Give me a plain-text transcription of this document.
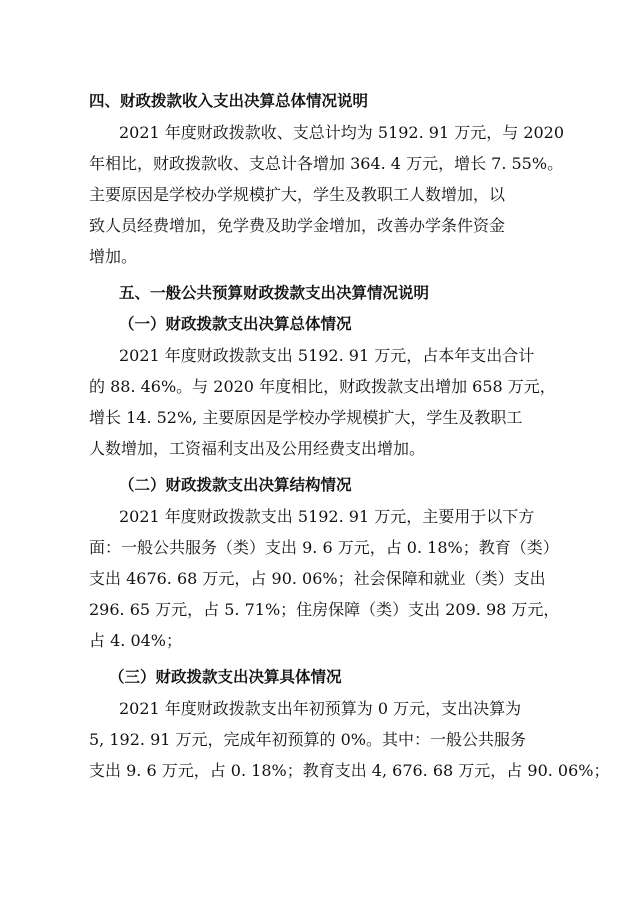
四、财政拨款收入支出决算总体情况说明
2021 年度财政拨款收、支总计均为 5192. 91 万元，与 2020
年相比，财政拨款收、支总计各增加 364. 4 万元，增长 7. 55%。
主要原因是学校办学规模扩大，学生及教职工人数增加，以
致人员经费增加，免学费及助学金增加，改善办学条件资金
增加。
五、一般公共预算财政拨款支出决算情况说明
（一）财政拨款支出决算总体情况
2021 年度财政拨款支出 5192. 91 万元，占本年支出合计
的 88. 46%。与 2020 年度相比，财政拨款支出增加 658 万元，
增长 14. 52%, 主要原因是学校办学规模扩大，学生及教职工
人数增加，工资福利支出及公用经费支出增加。
（二）财政拨款支出决算结构情况
2021 年度财政拨款支出 5192. 91 万元，主要用于以下方
面：一般公共服务（类）支出 9. 6 万元，占 0. 18%；教育（类）
支出 4676. 68 万元，占 90. 06%；社会保障和就业（类）支出
296. 65 万元，占 5. 71%；住房保障（类）支出 209. 98 万元，
占 4. 04%；
（三）财政拨款支出决算具体情况
2021 年度财政拨款支出年初预算为 0 万元，支出决算为
5, 192. 91 万元，完成年初预算的 0%。其中：一般公共服务
支出 9. 6 万元，占 0. 18%；教育支出 4, 676. 68 万元，占 90. 06%；
